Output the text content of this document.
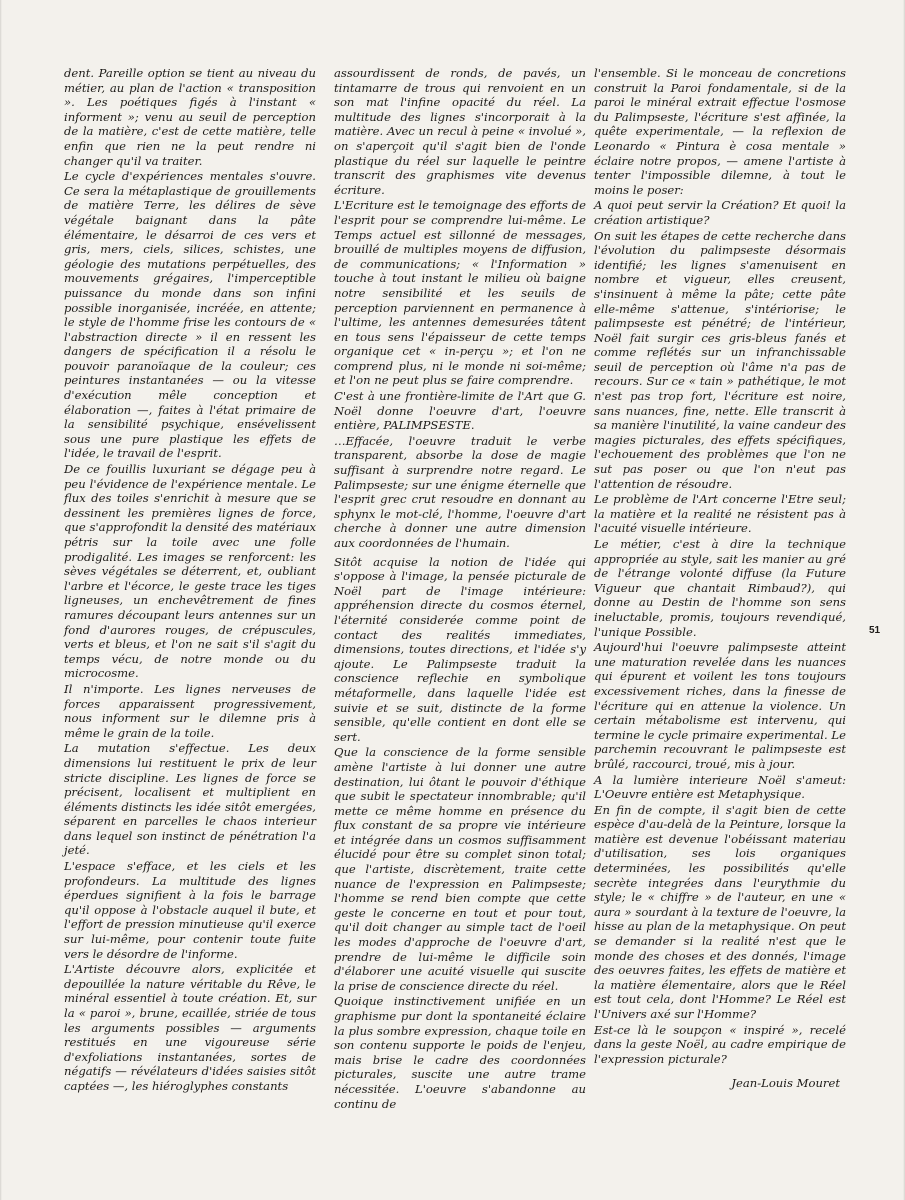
dent. Pareille option se tient au niveau du métier, au plan de l'action « transposition ». Les poétiques figés à l'instant « informent »; venu au seuil de perception de la matière, c'est de cette matière, telle enfin que rien ne la peut rendre ni changer qu'il va traiter.

Le cycle d'expériences mentales s'ouvre. Ce sera la métaplastique de grouillements de matière Terre, les délires de sève végétale baignant dans la pâte élémentaire, le désarroi de ces vers et gris, mers, ciels, silices, schistes, une géologie des mutations perpétuelles, des mouvements grégaires, l'imperceptible puissance du monde dans son infini possible inorganisée, incréée, en attente; le style de l'homme frise les contours de « l'abstraction directe » il en ressent les dangers de spécification il a résolu le pouvoir paranoïaque de la couleur; ces peintures instantanées — ou la vitesse d'exécution mêle conception et élaboration —, faites à l'état primaire de la sensibilité psychique, ensévelissent sous une pure plastique les effets de l'idée, le travail de l'esprit.

De ce fouillis luxuriant se dégage peu à peu l'évidence de l'expérience mentale. Le flux des toiles s'enrichit à mesure que se dessinent les premières lignes de force, que s'approfondit la densité des matériaux pétris sur la toile avec une folle prodigalité. Les images se renforcent: les sèves végétales se déterrent, et, oubliant l'arbre et l'écorce, le geste trace les tiges ligneuses, un enchevêtrement de fines ramures découpant leurs antennes sur un fond d'aurores rouges, de crépuscules, verts et bleus, et l'on ne sait s'il s'agit du temps vécu, de notre monde ou du microcosme.

Il n'importe. Les lignes nerveuses de forces apparaissent progressivement, nous informent sur le dilemne pris à même le grain de la toile.

La mutation s'effectue. Les deux dimensions lui restituent le prix de leur stricte discipline. Les lignes de force se précisent, localisent et multiplient en éléments distincts les idée sitôt emergées, séparent en parcelles le chaos interieur dans lequel son instinct de pénétration l'a jeté.

L'espace s'efface, et les ciels et les profondeurs. La multitude des lignes éperdues signifient à la fois le barrage qu'il oppose à l'obstacle auquel il bute, et l'effort de pression minutieuse qu'il exerce sur lui-même, pour contenir toute fuite vers le désordre de l'informe.

L'Artiste découvre alors, explicitée et depouillée la nature véritable du Rêve, le minéral essentiel à toute création. Et, sur la « paroi », brune, ecaillée, striée de tous les arguments possibles — arguments restitués en une vigoureuse série d'exfoliations instantanées, sortes de négatifs — révélateurs d'idées saisies sitôt captées —, les hiéroglyphes constants

assourdissent de ronds, de pavés, un tintamarre de trous qui renvoient en un son mat l'infine opacité du réel. La multitude des lignes s'incorporait à la matière. Avec un recul à peine « involué », on s'aperçoit qu'il s'agit bien de l'onde plastique du réel sur laquelle le peintre transcrit des graphismes vite devenus écriture.

L'Ecriture est le temoignage des efforts de l'esprit pour se comprendre lui-même. Le Temps actuel est sillonné de messages, brouillé de multiples moyens de diffusion, de communications; « l'Information » touche à tout instant le milieu où baigne notre sensibilité et les seuils de perception parviennent en permanence à l'ultime, les antennes demesurées tâtent en tous sens l'épaisseur de cette temps organique cet « in-perçu »; et l'on ne comprend plus, ni le monde ni soi-même; et l'on ne peut plus se faire comprendre.

C'est à une frontière-limite de l'Art que G. Noël donne l'oeuvre d'art, l'oeuvre entière, PALIMPSESTE.

…Effacée, l'oeuvre traduit le verbe transparent, absorbe la dose de magie suffisant à surprendre notre regard. Le Palimpseste; sur une énigme éternelle que l'esprit grec crut resoudre en donnant au sphynx le mot-clé, l'homme, l'oeuvre d'art cherche à donner une autre dimension aux coordonnées de l'humain.

Sitôt acquise la notion de l'idée qui s'oppose à l'image, la pensée picturale de Noël part de l'image intérieure: appréhension directe du cosmos éternel, l'éternité considerée comme point de contact des realités immediates, dimensions, toutes directions, et l'idée s'y ajoute. Le Palimpseste traduit la conscience reflechie en symbolique métaformelle, dans laquelle l'idée est suivie et se suit, distincte de la forme sensible, qu'elle contient en dont elle se sert.

Que la conscience de la forme sensible amène l'artiste à lui donner une autre destination, lui ôtant le pouvoir d'éthique que subit le spectateur innombrable; qu'il mette ce même homme en présence du flux constant de sa propre vie intérieure et intégrée dans un cosmos suffisamment élucidé pour être su complet sinon total; que l'artiste, discrètement, traite cette nuance de l'expression en Palimpseste; l'homme se rend bien compte que cette geste le concerne en tout et pour tout, qu'il doit changer au simple tact de l'oeil les modes d'approche de l'oeuvre d'art, prendre de lui-même le difficile soin d'élaborer une acuité visuelle qui suscite la prise de conscience directe du réel.

Quoique instinctivement unifiée en un graphisme pur dont la spontaneité éclaire la plus sombre expression, chaque toile en son contenu supporte le poids de l'enjeu, mais brise le cadre des coordonnées picturales, suscite une autre trame nécessitée. L'oeuvre s'abandonne au continu de

l'ensemble. Si le monceau de concretions construit la Paroi fondamentale, si de la paroi le minéral extrait effectue l'osmose du Palimpseste, l'écriture s'est affinée, la quête experimentale, — la reflexion de Leonardo « Pintura è cosa mentale » éclaire notre propos, — amene l'artiste à tenter l'impossible dilemne, à tout le moins le poser:

A quoi peut servir la Création? Et quoi! la création artistique?

On suit les étapes de cette recherche dans l'évolution du palimpseste désormais identifié; les lignes s'amenuisent en nombre et vigueur, elles creusent, s'insinuent à même la pâte; cette pâte elle-même s'attenue, s'intériorise; le palimpseste est pénétré; de l'intérieur, Noël fait surgir ces gris-bleus fanés et comme reflétés sur un infranchissable seuil de perception où l'âme n'a pas de recours. Sur ce « tain » pathétique, le mot n'est pas trop fort, l'écriture est noire, sans nuances, fine, nette. Elle transcrit à sa manière l'inutilité, la vaine candeur des magies picturales, des effets spécifiques, l'echouement des problèmes que l'on ne sut pas poser ou que l'on n'eut pas l'attention de résoudre.

Le problème de l'Art concerne l'Etre seul; la matière et la realité ne résistent pas à l'acuité visuelle intérieure.

Le métier, c'est à dire la technique appropriée au style, sait les manier au gré de l'étrange volonté diffuse (la Future Vigueur que chantait Rimbaud?), qui donne au Destin de l'homme son sens ineluctable, promis, toujours revendiqué, l'unique Possible.

Aujourd'hui l'oeuvre palimpseste atteint une maturation revelée dans les nuances qui épurent et voilent les tons toujours excessivement riches, dans la finesse de l'écriture qui en attenue la violence. Un certain métabolisme est intervenu, qui termine le cycle primaire experimental. Le parchemin recouvrant le palimpseste est brûlé, raccourci, troué, mis à jour.

A la lumière interieure Noël s'ameut: L'Oeuvre entière est Metaphysique.

En fin de compte, il s'agit bien de cette espèce d'au-delà de la Peinture, lorsque la matière est devenue l'obéissant materiau d'utilisation, ses lois organiques determinées, les possibilités qu'elle secrète integrées dans l'eurythmie du style; le « chiffre » de l'auteur, en une « aura » sourdant à la texture de l'oeuvre, la hisse au plan de la metaphysique. On peut se demander si la realité n'est que le monde des choses et des donnés, l'image des oeuvres faites, les effets de matière et la matière élementaire, alors que le Réel est tout cela, dont l'Homme? Le Réel est l'Univers axé sur l'Homme?

Est-ce là le soupçon « inspiré », recelé dans la geste Noël, au cadre empirique de l'expression picturale?

Jean-Louis Mouret

51
